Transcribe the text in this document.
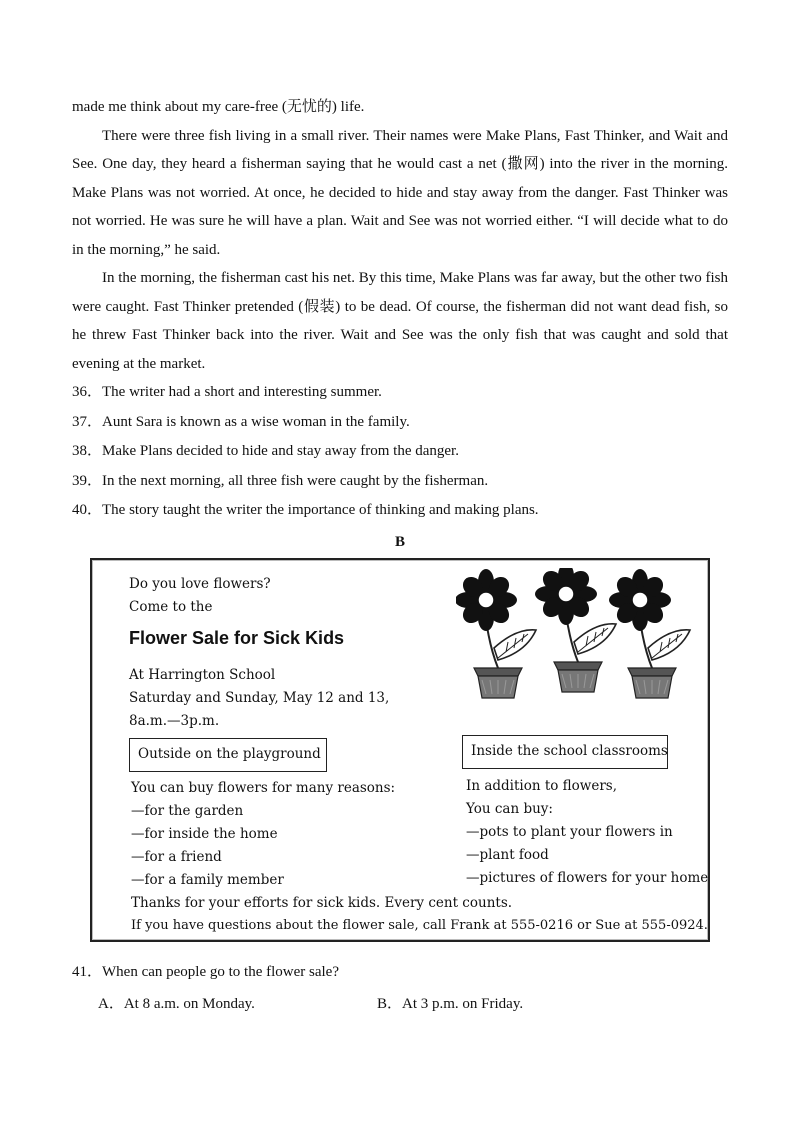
made me think about my care-free (无忧的) life.

There were three fish living in a small river. Their names were Make Plans, Fast Thinker, and Wait and See. One day, they heard a fisherman saying that he would cast a net (撒网) into the river in the morning. Make Plans was not worried. At once, he decided to hide and stay away from the danger. Fast Thinker was not worried. He was sure he will have a plan. Wait and See was not worried either. “I will decide what to do in the morning,” he said.

In the morning, the fisherman cast his net. By this time, Make Plans was far away, but the other two fish were caught. Fast Thinker pretended (假装) to be dead. Of course, the fisherman did not want dead fish, so he threw Fast Thinker back into the river. Wait and See was the only fish that was caught and sold that evening at the market.

36．The writer had a short and interesting summer.

37．Aunt Sara is known as a wise woman in the family.

38．Make Plans decided to hide and stay away from the danger.

39．In the next morning, all three fish were caught by the fisherman.

40．The story taught the writer the importance of thinking and making plans.

B

Do you love flowers?
Come to the
Flower Sale for Sick Kids
At Harrington School
Saturday and Sunday, May 12 and 13,
8a.m.—3p.m.
Outside on the playground	Inside the school classrooms
You can buy flowers for many reasons:
—for the garden
—for inside the home
—for a friend
—for a family member
In addition to flowers,
You can buy:
—pots to plant your flowers in
—plant food
—pictures of flowers for your home
Thanks for your efforts for sick kids. Every cent counts.
If you have questions about the flower sale, call Frank at 555-0216 or Sue at 555-0924.
41．When can people go to the flower sale?
A．At 8 a.m. on Monday.	B．At 3 p.m. on Friday.
